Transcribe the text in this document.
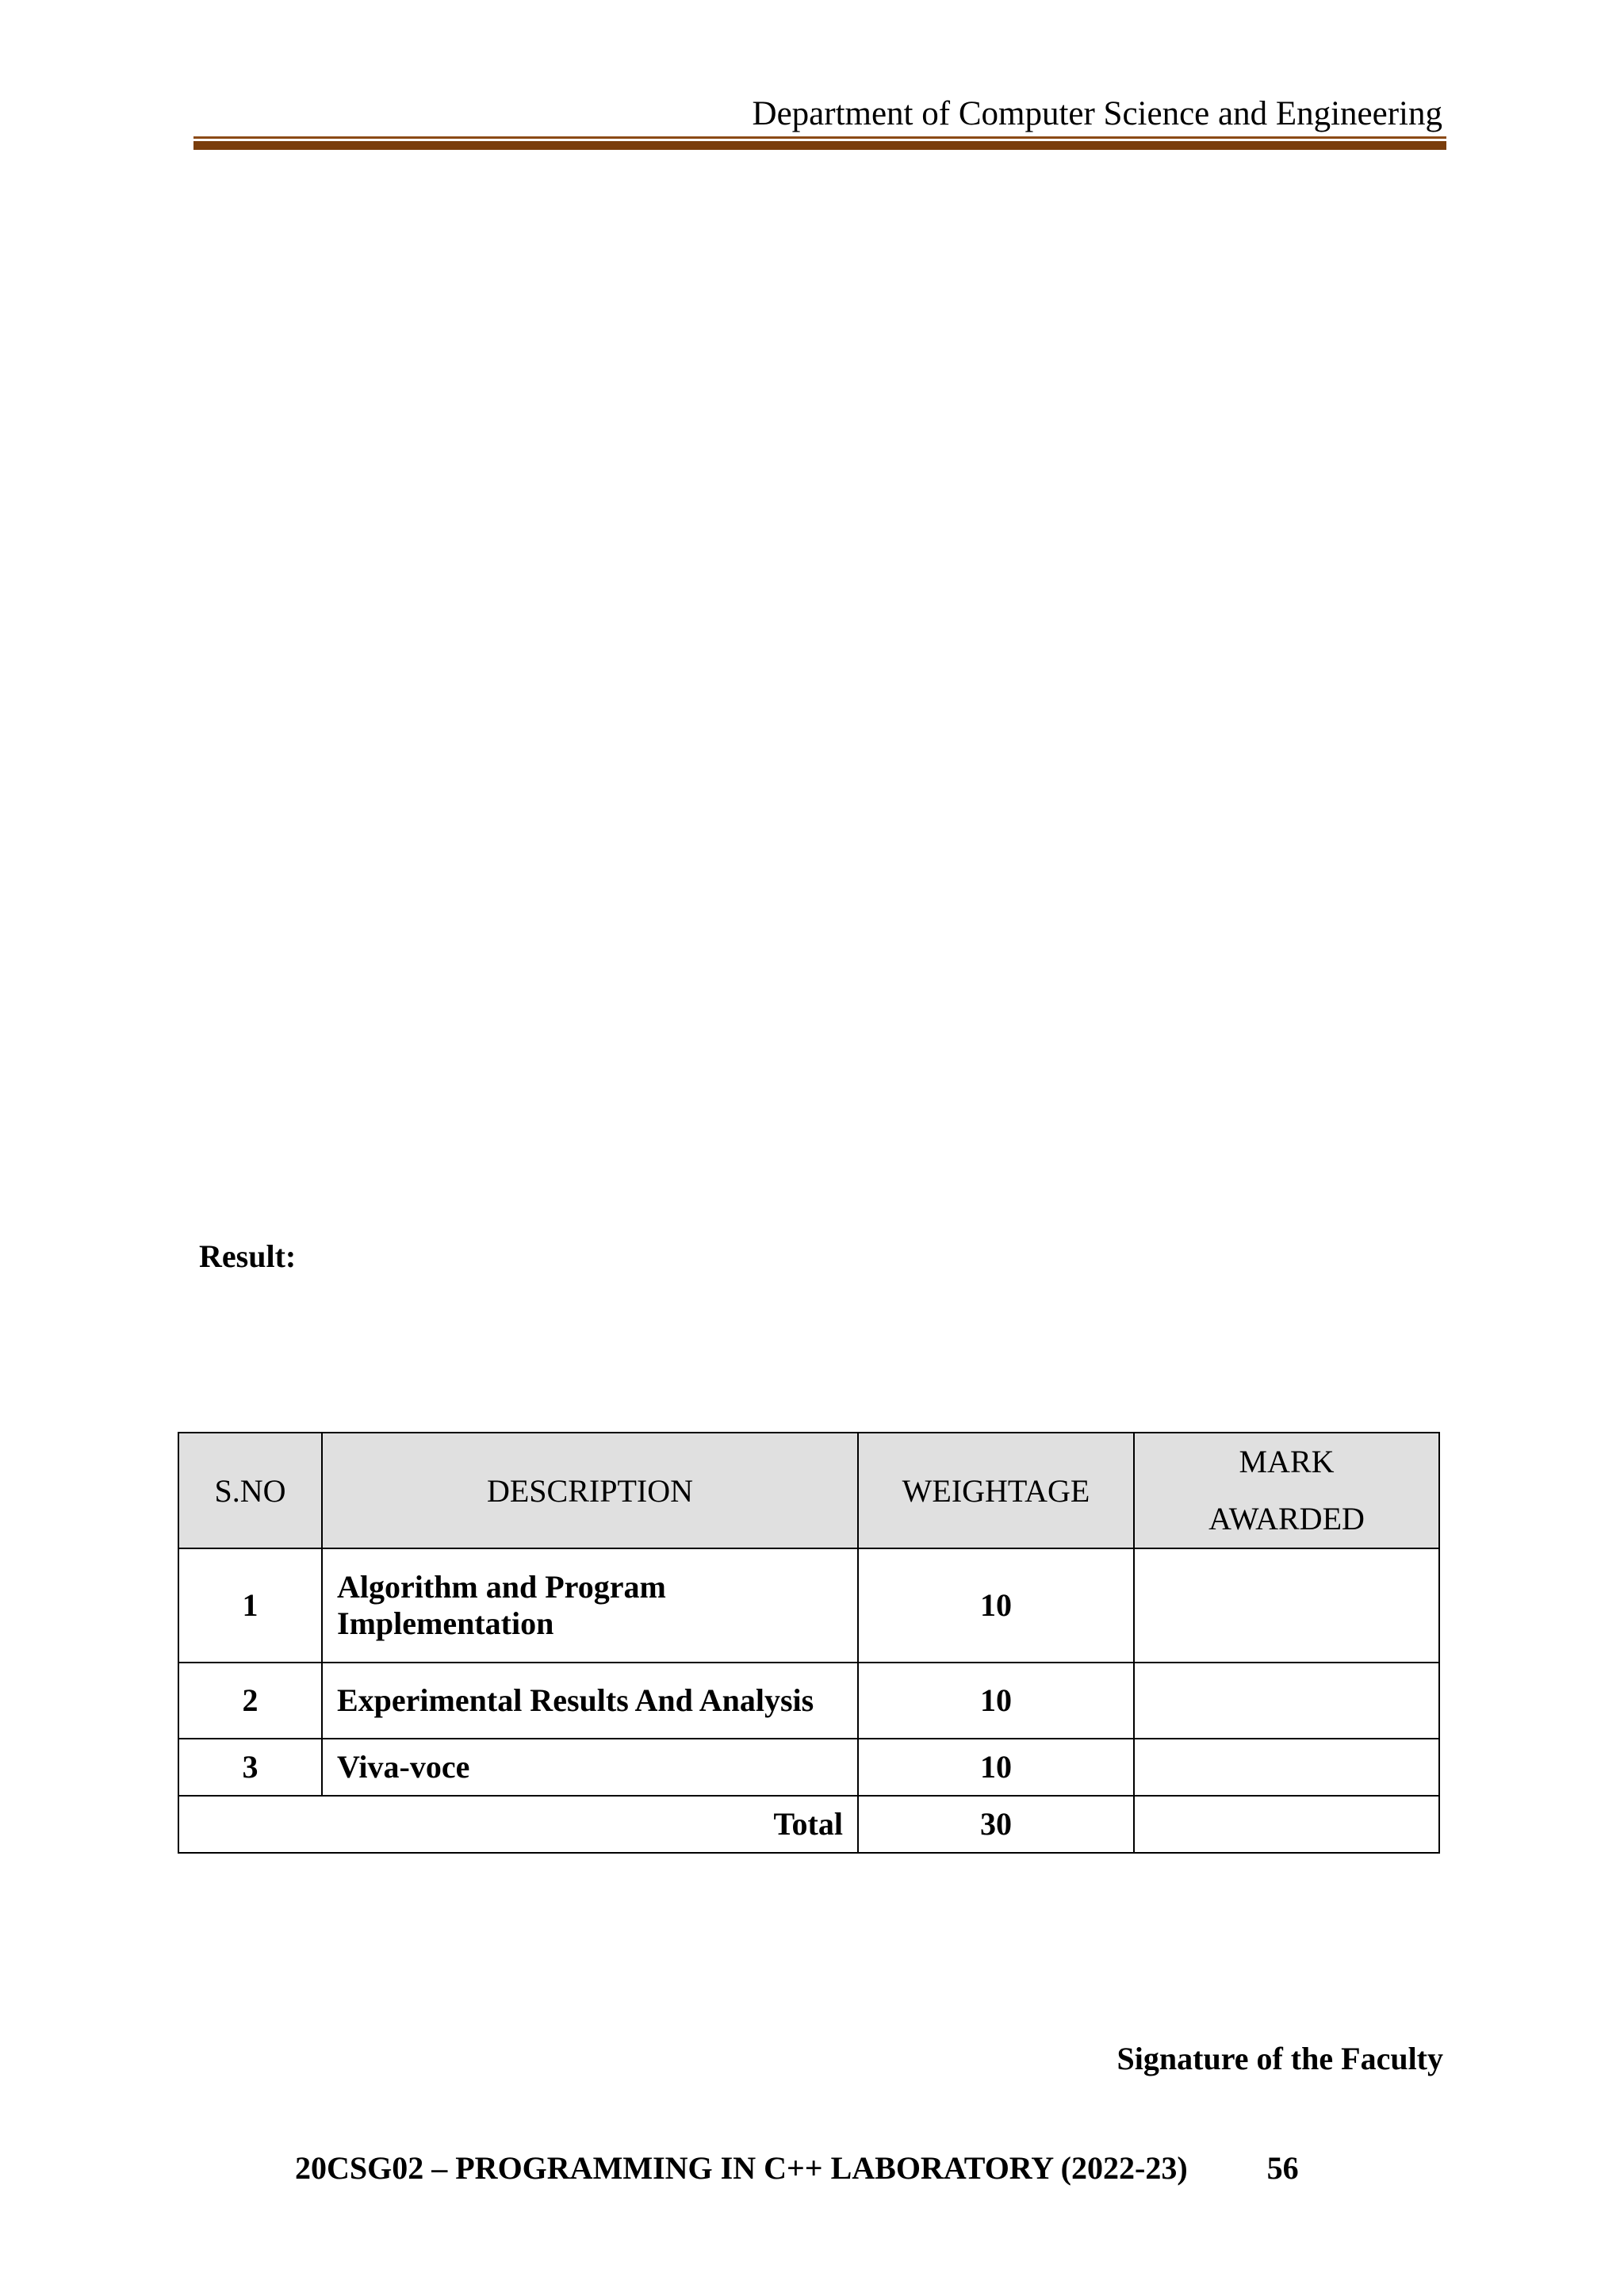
Department of Computer Science and Engineering
Result:
S.NO	DESCRIPTION	WEIGHTAGE	MARK
AWARDED

1	Algorithm and Program Implementation	10	
2	Experimental Results And Analysis	10	
3	Viva-voce	10	
Total		30	
Signature of the Faculty
20CSG02 – PROGRAMMING IN C++ LABORATORY (2022-23)	56
